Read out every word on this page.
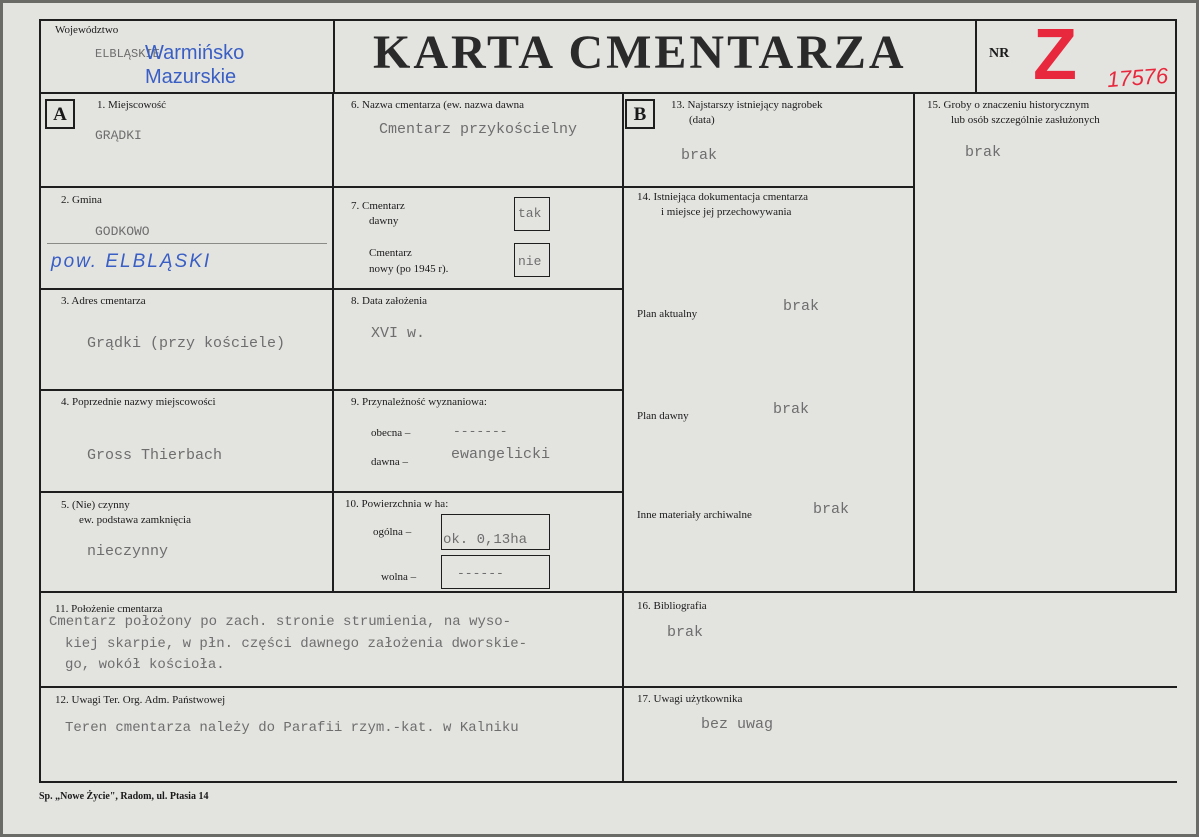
Województwo
ELBLĄSKIE
Warmińsko
Mazurskie	KARTA CMENTARZA	NR Z 17576
A	1. Miejscowość
GRĄDKI
2. Gmina
GODKOWO
pow. ELBLĄSKI
3. Adres cmentarza
Grądki (przy kościele)
4. Poprzednie nazwy miejscowości
Gross Thierbach
5. (Nie) czynny
ew. podstawa zamknięcia
nieczynny
6. Nazwa cmentarza (ew. nazwa dawna
Cmentarz przykościelny
7. Cmentarz
dawny	tak
Cmentarz
nowy (po 1945 r).	nie
8. Data założenia
XVI w.
9. Przynależność wyznaniowa:
obecna –	-------
dawna –	ewangelicki
10. Powierzchnia w ha:
ogólna – ok. 0,13ha
wolna –	------
B	13. Najstarszy istniejący nagrobek
(data)
brak
14. Istniejąca dokumentacja cmentarza
i miejsce jej przechowywania
Plan aktualny	brak
Plan dawny	brak
Inne materiały archiwalne	brak
15. Groby o znaczeniu historycznym
lub osób szczególnie zasłużonych
brak
11. Położenie cmentarza
Cmentarz położony po zach. stronie strumienia, na wyso-
kiej skarpie, w płn. części dawnego założenia dworskie-
go, wokół kościoła.
16. Bibliografia
brak
12. Uwagi Ter. Org. Adm. Państwowej
Teren cmentarza należy do Parafii rzym.-kat. w Kalniku
17. Uwagi użytkownika
bez uwag
Sp. „Nowe Życie", Radom, ul. Ptasia 14
